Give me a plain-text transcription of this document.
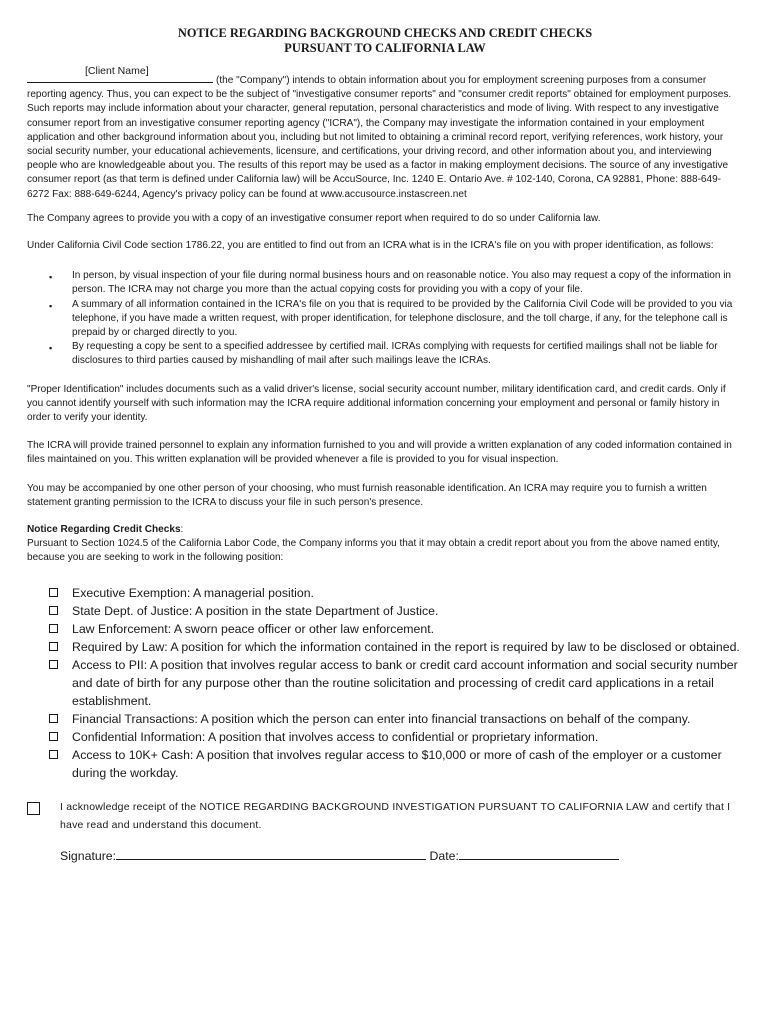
NOTICE REGARDING BACKGROUND CHECKS AND CREDIT CHECKS

PURSUANT TO CALIFORNIA LAW

[Client Name]
(the "Company") intends to obtain information about you for employment screening purposes from a consumer reporting agency. Thus, you can expect to be the subject of "investigative consumer reports" and "consumer credit reports" obtained for employment purposes. Such reports may include information about your character, general reputation, personal characteristics and mode of living. With respect to any investigative consumer report from an investigative consumer reporting agency ("ICRA"), the Company may investigate the information contained in your employment application and other background information about you, including but not limited to obtaining a criminal record report, verifying references, work history, your social security number, your educational achievements, licensure, and certifications, your driving record, and other information about you, and interviewing people who are knowledgeable about you. The results of this report may be used as a factor in making employment decisions. The source of any investigative consumer report (as that term is defined under California law) will be AccuSource, Inc. 1240 E. Ontario Ave. # 102-140, Corona, CA 92881, Phone: 888-649-6272 Fax: 888-649-6244, Agency's privacy policy can be found at www.accusource.instascreen.net

The Company agrees to provide you with a copy of an investigative consumer report when required to do so under California law.

Under California Civil Code section 1786.22, you are entitled to find out from an ICRA what is in the ICRA's file on you with proper identification, as follows:

▪ In person, by visual inspection of your file during normal business hours and on reasonable notice. You also may request a copy of the information in person. The ICRA may not charge you more than the actual copying costs for providing you with a copy of your file.
▪ A summary of all information contained in the ICRA's file on you that is required to be provided by the California Civil Code will be provided to you via telephone, if you have made a written request, with proper identification, for telephone disclosure, and the toll charge, if any, for the telephone call is prepaid by or charged directly to you.
▪ By requesting a copy be sent to a specified addressee by certified mail. ICRAs complying with requests for certified mailings shall not be liable for disclosures to third parties caused by mishandling of mail after such mailings leave the ICRAs.

"Proper Identification" includes documents such as a valid driver's license, social security account number, military identification card, and credit cards. Only if you cannot identify yourself with such information may the ICRA require additional information concerning your employment and personal or family history in order to verify your identity.

The ICRA will provide trained personnel to explain any information furnished to you and will provide a written explanation of any coded information contained in files maintained on you. This written explanation will be provided whenever a file is provided to you for visual inspection.

You may be accompanied by one other person of your choosing, who must furnish reasonable identification. An ICRA may require you to furnish a written statement granting permission to the ICRA to discuss your file in such person's presence.

Notice Regarding Credit Checks:

Pursuant to Section 1024.5 of the California Labor Code, the Company informs you that it may obtain a credit report about you from the above named entity, because you are seeking to work in the following position:

Executive Exemption: A managerial position.
State Dept. of Justice: A position in the state Department of Justice.
Law Enforcement: A sworn peace officer or other law enforcement.
Required by Law: A position for which the information contained in the report is required by law to be disclosed or obtained.
Access to PII: A position that involves regular access to bank or credit card account information and social security number and date of birth for any purpose other than the routine solicitation and processing of credit card applications in a retail establishment.
Financial Transactions: A position which the person can enter into financial transactions on behalf of the company.
Confidential Information: A position that involves access to confidential or proprietary information.
Access to 10K+ Cash: A position that involves regular access to $10,000 or more of cash of the employer or a customer during the workday.
I acknowledge receipt of the NOTICE REGARDING BACKGROUND INVESTIGATION PURSUANT TO CALIFORNIA LAW and certify that I have read and understand this document.
Signature:	Date:
